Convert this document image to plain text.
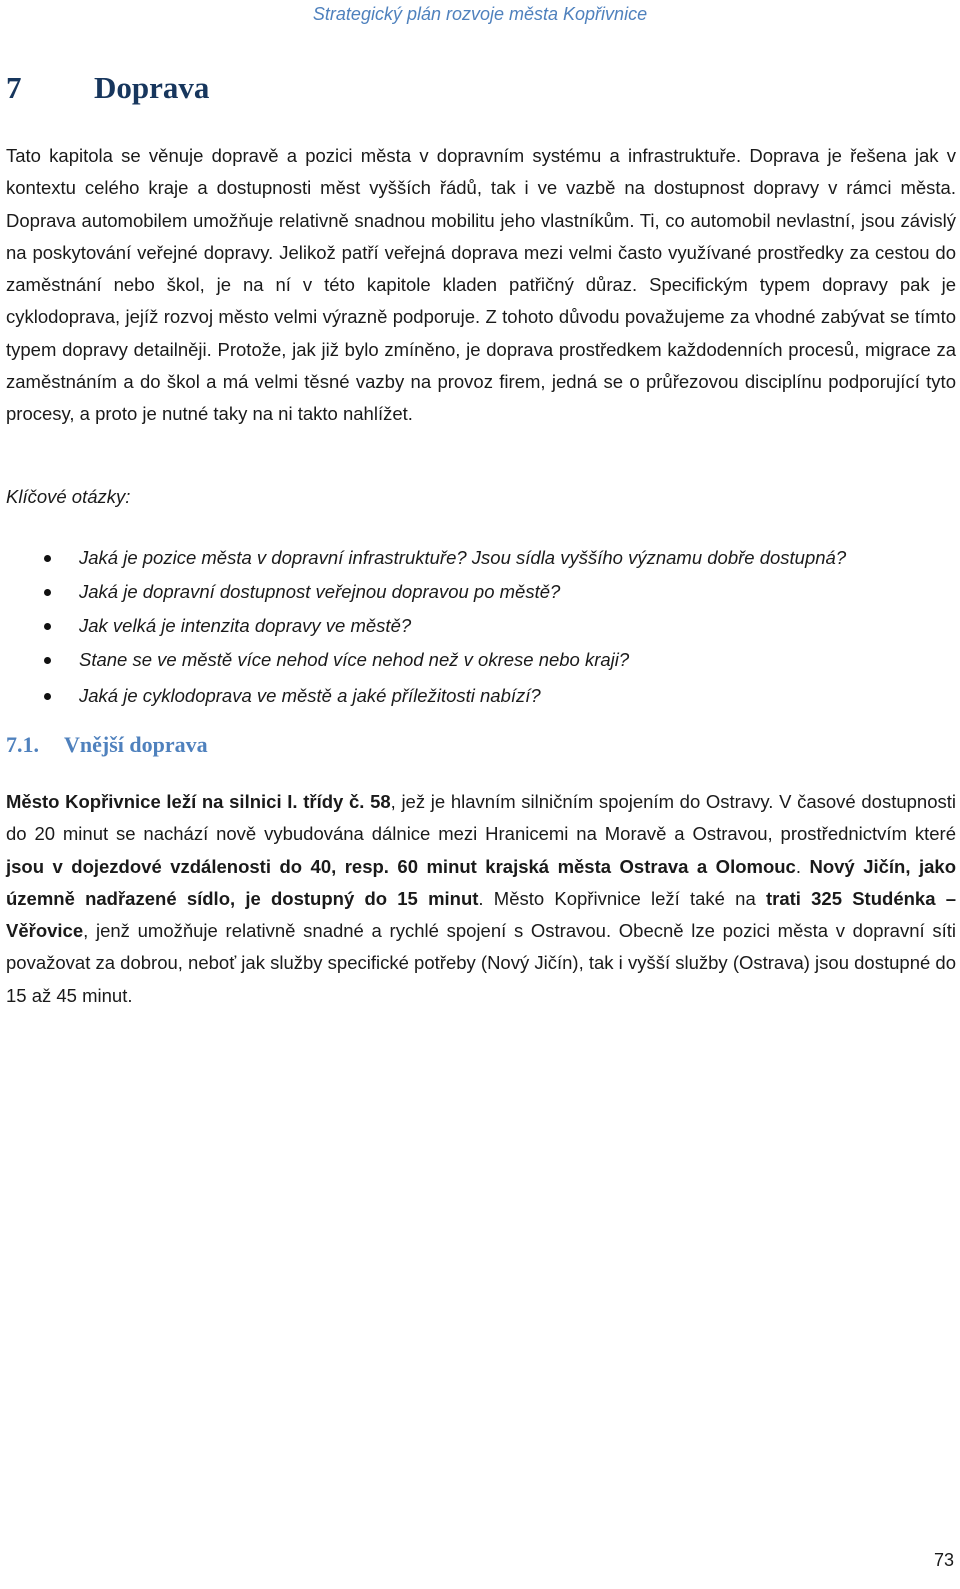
Strategický plán rozvoje města Kopřivnice
7 Doprava

Tato kapitola se věnuje dopravě a pozici města v dopravním systému a infrastruktuře. Doprava je řešena jak v kontextu celého kraje a dostupnosti měst vyšších řádů, tak i ve vazbě na dostupnost dopravy v rámci města. Doprava automobilem umožňuje relativně snadnou mobilitu jeho vlastníkům. Ti, co automobil nevlastní, jsou závislý na poskytování veřejné dopravy. Jelikož patří veřejná doprava mezi velmi často využívané prostředky za cestou do zaměstnání nebo škol, je na ní v této kapitole kladen patřičný důraz. Specifickým typem dopravy pak je cyklodoprava, jejíž rozvoj město velmi výrazně podporuje. Z tohoto důvodu považujeme za vhodné zabývat se tímto typem dopravy detailněji. Protože, jak již bylo zmíněno, je doprava prostředkem každodenních procesů, migrace za zaměstnáním a do škol a má velmi těsné vazby na provoz firem, jedná se o průřezovou disciplínu podporující tyto procesy, a proto je nutné taky na ni takto nahlížet.

Klíčové otázky:
Jaká je pozice města v dopravní infrastruktuře? Jsou sídla vyššího významu dobře dostupná?
Jaká je dopravní dostupnost veřejnou dopravou po městě?
Jak velká je intenzita dopravy ve městě?
Stane se ve městě více nehod více nehod než v okrese nebo kraji?
Jaká je cyklodoprava ve městě a jaké příležitosti nabízí?
7.1. Vnější doprava

Město Kopřivnice leží na silnici I. třídy č. 58, jež je hlavním silničním spojením do Ostravy. V časové dostupnosti do 20 minut se nachází nově vybudována dálnice mezi Hranicemi na Moravě a Ostravou, prostřednictvím které jsou v dojezdové vzdálenosti do 40, resp. 60 minut krajská města Ostrava a Olomouc. Nový Jičín, jako územně nadřazené sídlo, je dostupný do 15 minut. Město Kopřivnice leží také na trati 325 Studénka – Věřovice, jenž umožňuje relativně snadné a rychlé spojení s Ostravou. Obecně lze pozici města v dopravní síti považovat za dobrou, neboť jak služby specifické potřeby (Nový Jičín), tak i vyšší služby (Ostrava) jsou dostupné do 15 až 45 minut.

73
